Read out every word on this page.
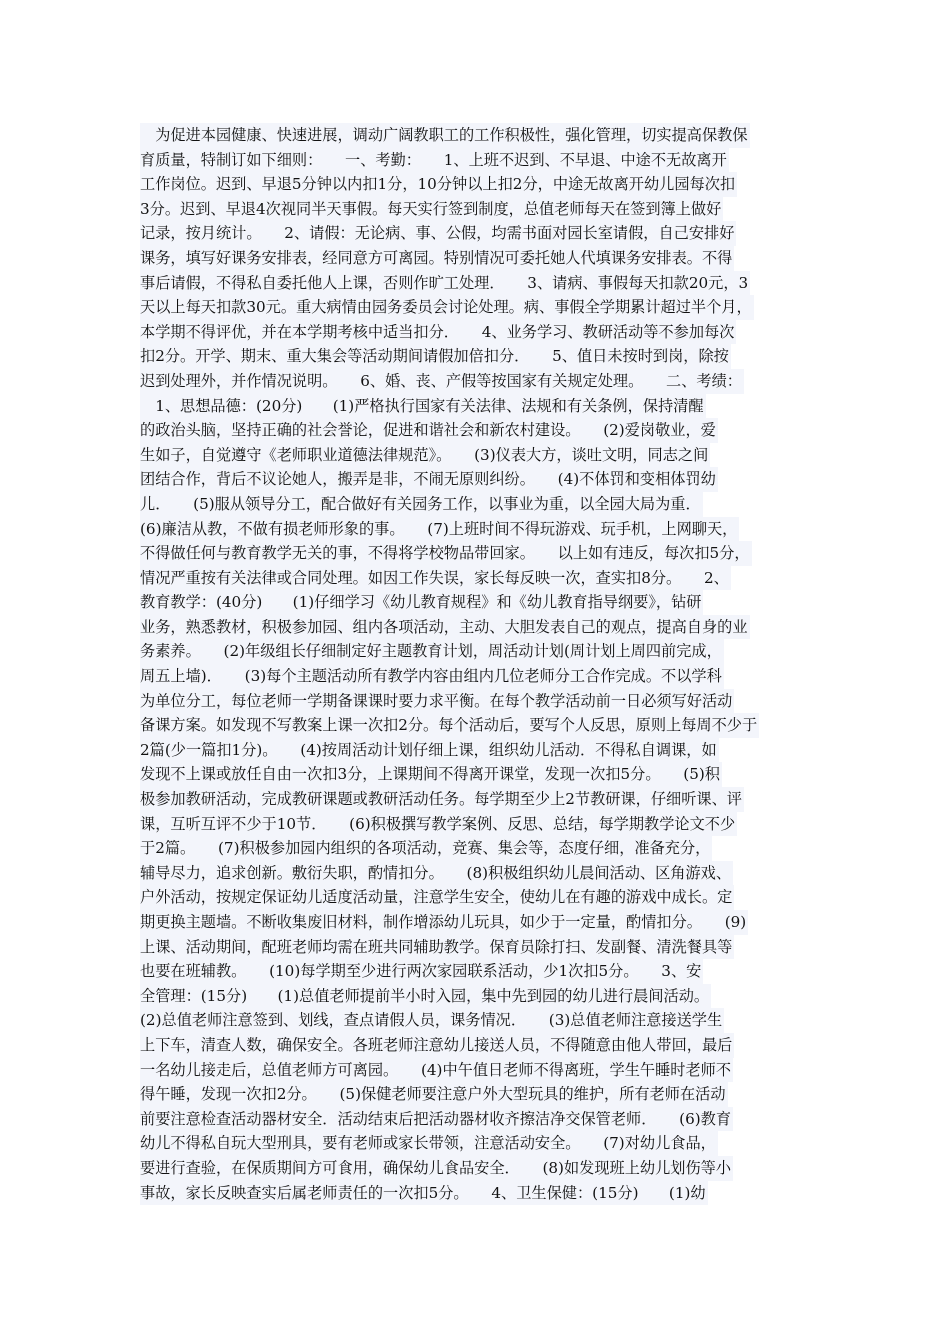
　为促进本园健康、快速进展，调动广阔教职工的工作积极性，强化管理，切实提高保教保
育质量，特制订如下细则：　　一、考勤：　　1、上班不迟到、不早退、中途不无故离开
工作岗位。迟到、早退5分钟以内扣1分，10分钟以上扣2分，中途无故离开幼儿园每次扣
3分。迟到、早退4次视同半天事假。每天实行签到制度，总值老师每天在签到簿上做好
记录，按月统计。　　2、请假：无论病、事、公假，均需书面对园长室请假，自己安排好
课务，填写好课务安排表，经同意方可离园。特别情况可委托她人代填课务安排表。不得
事后请假，不得私自委托他人上课，否则作旷工处理．　　3、请病、事假每天扣款20元，3
天以上每天扣款30元。重大病情由园务委员会讨论处理。病、事假全学期累计超过半个月，
本学期不得评优，并在本学期考核中适当扣分．　　4、业务学习、教研活动等不参加每次
扣2分。开学、期末、重大集会等活动期间请假加倍扣分．　　5、值日未按时到岗，除按
迟到处理外，并作情况说明。　　6、婚、丧、产假等按国家有关规定处理。　　二、考绩：
　1、思想品德：(20分)　　(1)严格执行国家有关法律、法规和有关条例，保持清醒
的政治头脑，坚持正确的社会誉论，促进和谐社会和新农村建设。　　(2)爱岗敬业，爱
生如子，自觉遵守《老师职业道德法律规范》。　　(3)仪表大方，谈吐文明，同志之间
团结合作，背后不议论她人，搬弄是非，不闹无原则纠纷。　　(4)不体罚和变相体罚幼
儿．　　(5)服从领导分工，配合做好有关园务工作，以事业为重，以全园大局为重．
(6)廉洁从教，不做有损老师形象的事。　　(7)上班时间不得玩游戏、玩手机，上网聊天，
不得做任何与教育教学无关的事，不得将学校物品带回家。　　以上如有违反，每次扣5分，
情况严重按有关法律或合同处理。如因工作失误，家长每反映一次，查实扣8分。　　2、
教育教学：(40分)　　(1)仔细学习《幼儿教育规程》和《幼儿教育指导纲要》，钻研
业务，熟悉教材，积极参加园、组内各项活动，主动、大胆发表自己的观点，提高自身的业
务素养。　　(2)年级组长仔细制定好主题教育计划，周活动计划(周计划上周四前完成，
周五上墙)．　　(3)每个主题活动所有教学内容由组内几位老师分工合作完成。不以学科
为单位分工，每位老师一学期备课课时要力求平衡。在每个教学活动前一日必须写好活动
备课方案。如发现不写教案上课一次扣2分。每个活动后，要写个人反思，原则上每周不少于
2篇(少一篇扣1分)。　　(4)按周活动计划仔细上课，组织幼儿活动．不得私自调课，如
发现不上课或放任自由一次扣3分，上课期间不得离开课堂，发现一次扣5分。　　(5)积
极参加教研活动，完成教研课题或教研活动任务。每学期至少上2节教研课，仔细听课、评
课，互听互评不少于10节．　　(6)积极撰写教学案例、反思、总结，每学期教学论文不少
于2篇。　　(7)积极参加园内组织的各项活动，竞赛、集会等，态度仔细，准备充分，
辅导尽力，追求创新。敷衍失职，酌情扣分。　　(8)积极组织幼儿晨间活动、区角游戏、
户外活动，按规定保证幼儿适度活动量，注意学生安全，使幼儿在有趣的游戏中成长。定
期更换主题墙。不断收集废旧材料，制作增添幼儿玩具，如少于一定量，酌情扣分。　　(9)
上课、活动期间，配班老师均需在班共同辅助教学。保育员除打扫、发副餐、清洗餐具等
也要在班辅教。　　(10)每学期至少进行两次家园联系活动，少1次扣5分。　　3、安
全管理：(15分)　　(1)总值老师提前半小时入园，集中先到园的幼儿进行晨间活动。
(2)总值老师注意签到、划线，查点请假人员，课务情况．　　(3)总值老师注意接送学生
上下车，清查人数，确保安全。各班老师注意幼儿接送人员，不得随意由他人带回，最后
一名幼儿接走后，总值老师方可离园。　　(4)中午值日老师不得离班，学生午睡时老师不
得午睡，发现一次扣2分。　　(5)保健老师要注意户外大型玩具的维护，所有老师在活动
前要注意检查活动器材安全．活动结束后把活动器材收齐擦洁净交保管老师．　　(6)教育
幼儿不得私自玩大型刑具，要有老师或家长带领，注意活动安全。　　(7)对幼儿食品，
要进行查验，在保质期间方可食用，确保幼儿食品安全．　　(8)如发现班上幼儿划伤等小
事故，家长反映查实后属老师责任的一次扣5分。　　4、卫生保健：(15分)　　(1)幼
